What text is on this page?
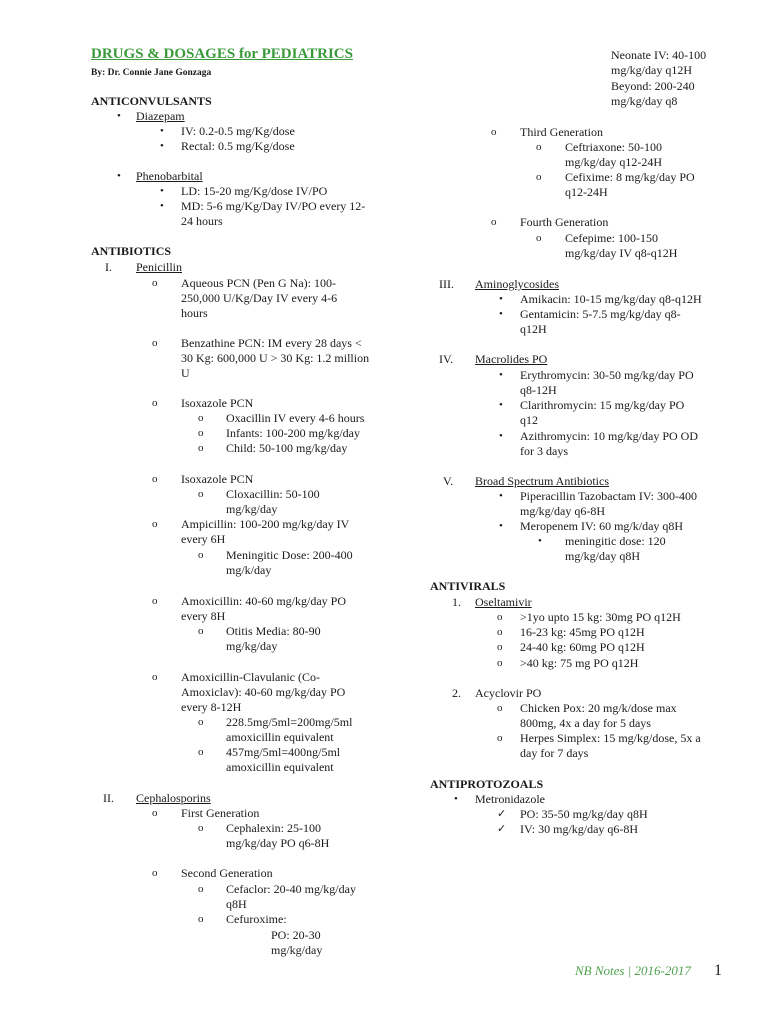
DRUGS & DOSAGES for PEDIATRICS
By: Dr. Connie Jane Gonzaga
ANTICONVULSANTS
• Diazepam
• IV: 0.2-0.5 mg/Kg/dose
• Rectal: 0.5 mg/Kg/dose
• Phenobarbital
• LD: 15-20 mg/Kg/dose IV/PO
• MD: 5-6 mg/Kg/Day IV/PO every 12-
24 hours
ANTIBIOTICS
I. Penicillin
o Aqueous PCN (Pen G Na): 100-
250,000 U/Kg/Day IV every 4-6
hours
o Benzathine PCN: IM every 28 days <
30 Kg: 600,000 U > 30 Kg: 1.2 million
U
o Isoxazole PCN
o Oxacillin IV every 4-6 hours
o Infants: 100-200 mg/kg/day
o Child: 50-100 mg/kg/day
o Isoxazole PCN
o Cloxacillin: 50-100
mg/kg/day
o Ampicillin: 100-200 mg/kg/day IV
every 6H
o Meningitic Dose: 200-400
mg/k/day
o Amoxicillin: 40-60 mg/kg/day PO
every 8H
o Otitis Media: 80-90
mg/kg/day
o Amoxicillin-Clavulanic (Co-
Amoxiclav): 40-60 mg/kg/day PO
every 8-12H
o 228.5mg/5ml=200mg/5ml
amoxicillin equivalent
o 457mg/5ml=400ng/5ml
amoxicillin equivalent
II. Cephalosporins
o First Generation
o Cephalexin: 25-100
mg/kg/day PO q6-8H
o Second Generation
o Cefaclor: 20-40 mg/kg/day
q8H
o Cefuroxime:
PO: 20-30
mg/kg/day
Neonate IV: 40-100
mg/kg/day q12H
Beyond: 200-240
mg/kg/day q8
o Third Generation
o Ceftriaxone: 50-100
mg/kg/day q12-24H
o Cefixime: 8 mg/kg/day PO
q12-24H
o Fourth Generation
o Cefepime: 100-150
mg/kg/day IV q8-q12H
III. Aminoglycosides
• Amikacin: 10-15 mg/kg/day q8-q12H
• Gentamicin: 5-7.5 mg/kg/day q8-
q12H
IV. Macrolides PO
• Erythromycin: 30-50 mg/kg/day PO
q8-12H
• Clarithromycin: 15 mg/kg/day PO
q12
• Azithromycin: 10 mg/kg/day PO OD
for 3 days
V. Broad Spectrum Antibiotics
• Piperacillin Tazobactam IV: 300-400
mg/kg/day q6-8H
• Meropenem IV: 60 mg/k/day q8H
• meningitic dose: 120
mg/kg/day q8H
ANTIVIRALS
1. Oseltamivir
o >1yo upto 15 kg: 30mg PO q12H
o 16-23 kg: 45mg PO q12H
o 24-40 kg: 60mg PO q12H
o >40 kg: 75 mg PO q12H
2. Acyclovir PO
o Chicken Pox: 20 mg/k/dose max
800mg, 4x a day for 5 days
o Herpes Simplex: 15 mg/kg/dose, 5x a
day for 7 days
ANTIPROTOZOALS
• Metronidazole
✓ PO: 35-50 mg/kg/day q8H
✓ IV: 30 mg/kg/day q6-8H
NB Notes | 2016-2017 1
